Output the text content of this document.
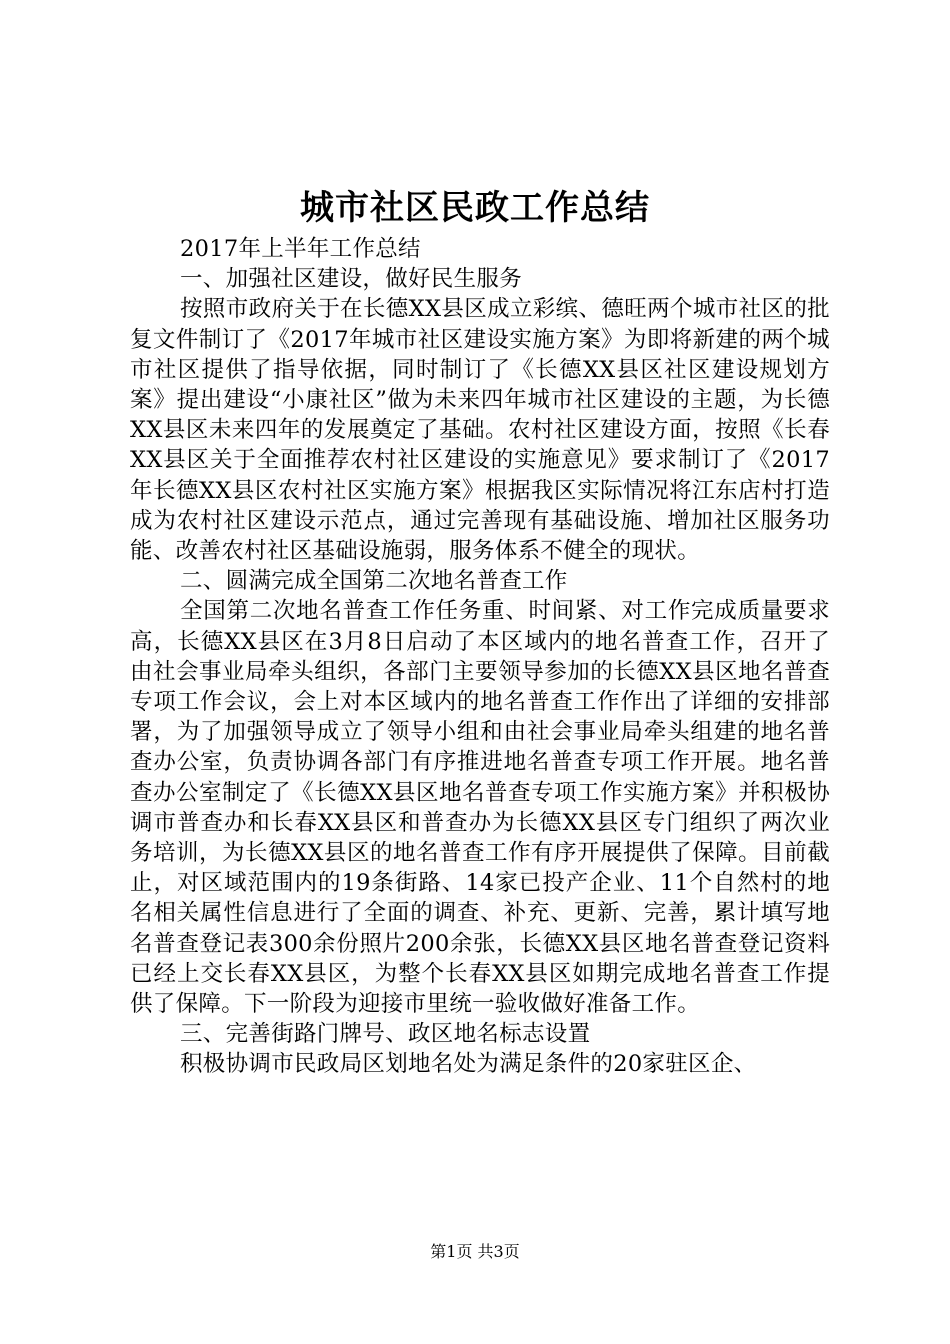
城市社区民政工作总结

2017年上半年工作总结

一、加强社区建设，做好民生服务

按照市政府关于在长德XX县区成立彩缤、德旺两个城市社区的批复文件制订了《2017年城市社区建设实施方案》为即将新建的两个城市社区提供了指导依据，同时制订了《长德XX县区社区建设规划方案》提出建设“小康社区”做为未来四年城市社区建设的主题，为长德XX县区未来四年的发展奠定了基础。农村社区建设方面，按照《长春XX县区关于全面推荐农村社区建设的实施意见》要求制订了《2017年长德XX县区农村社区实施方案》根据我区实际情况将江东店村打造成为农村社区建设示范点，通过完善现有基础设施、增加社区服务功能、改善农村社区基础设施弱，服务体系不健全的现状。

二、圆满完成全国第二次地名普查工作

全国第二次地名普查工作任务重、时间紧、对工作完成质量要求高，长德XX县区在3月8日启动了本区域内的地名普查工作，召开了由社会事业局牵头组织，各部门主要领导参加的长德XX县区地名普查专项工作会议，会上对本区域内的地名普查工作作出了详细的安排部署，为了加强领导成立了领导小组和由社会事业局牵头组建的地名普查办公室，负责协调各部门有序推进地名普查专项工作开展。地名普查办公室制定了《长德XX县区地名普查专项工作实施方案》并积极协调市普查办和长春XX县区和普查办为长德XX县区专门组织了两次业务培训，为长德XX县区的地名普查工作有序开展提供了保障。目前截止，对区域范围内的19条街路、14家已投产企业、11个自然村的地名相关属性信息进行了全面的调查、补充、更新、完善，累计填写地名普查登记表300余份照片200余张，长德XX县区地名普查登记资料已经上交长春XX县区，为整个长春XX县区如期完成地名普查工作提供了保障。下一阶段为迎接市里统一验收做好准备工作。

三、完善街路门牌号、政区地名标志设置

积极协调市民政局区划地名处为满足条件的20家驻区企、

第1页 共3页
